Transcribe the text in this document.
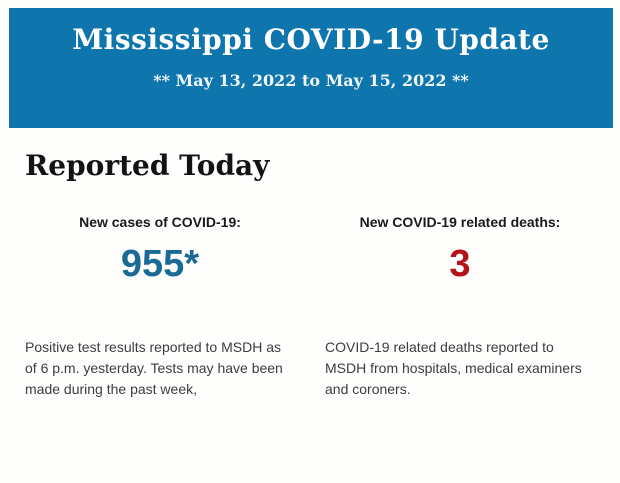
Mississippi COVID-19 Update
** May 13, 2022 to May 15, 2022 **
Reported Today
New cases of COVID-19:
955*

Positive test results reported to MSDH as of 6 p.m. yesterday. Tests may have been made during the past week,

New COVID-19 related deaths:
3

COVID-19 related deaths reported to MSDH from hospitals, medical examiners and coroners.
